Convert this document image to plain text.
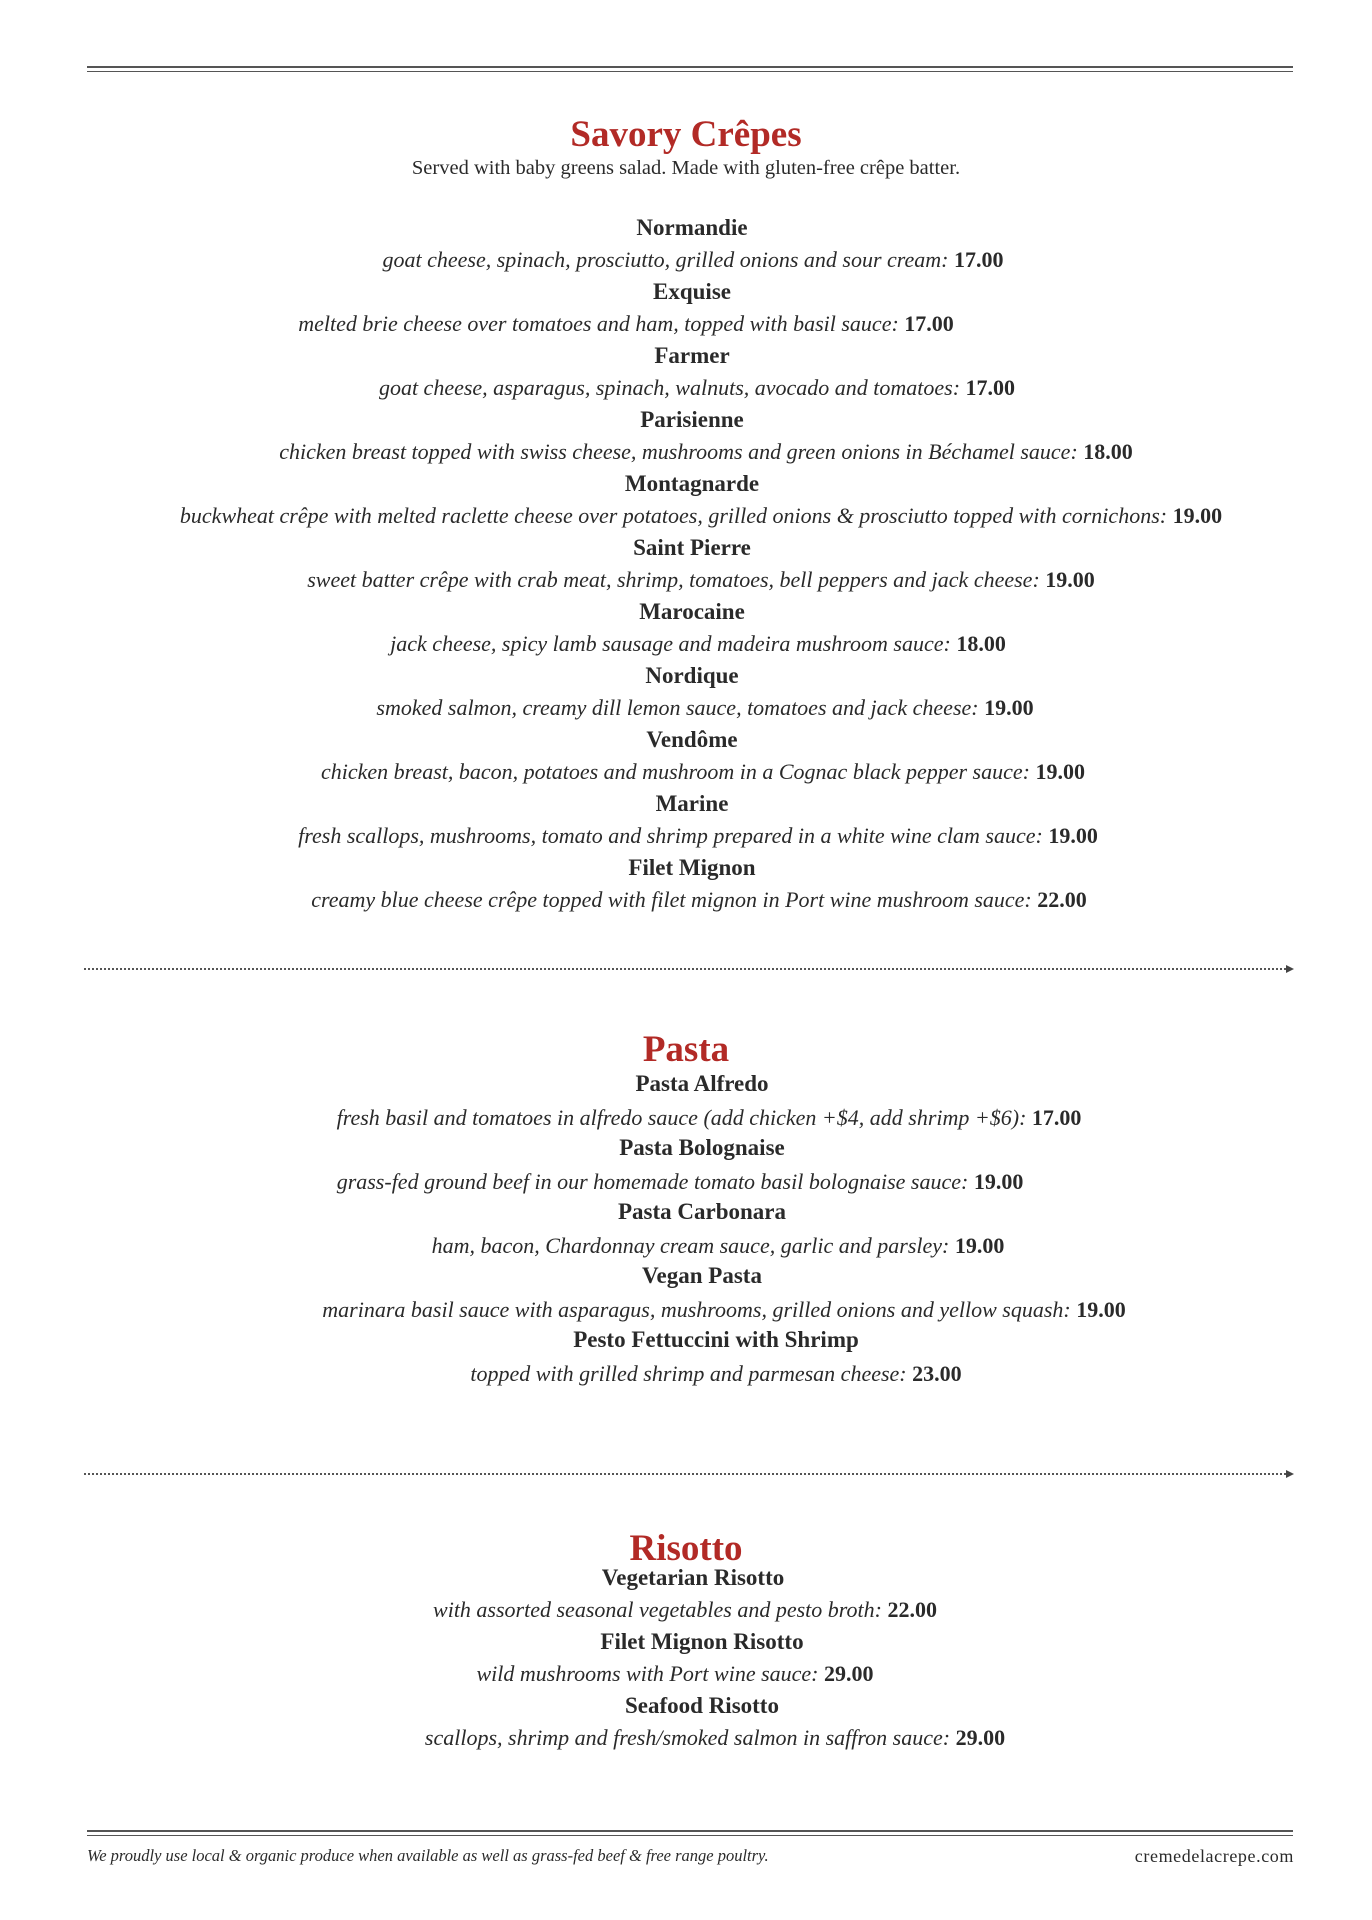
Savory Crêpes
Served with baby greens salad. Made with gluten-free crêpe batter.
Normandie
goat cheese, spinach, prosciutto, grilled onions and sour cream: 17.00
Exquise
melted brie cheese over tomatoes and ham, topped with basil sauce: 17.00
Farmer
goat cheese, asparagus, spinach, walnuts, avocado and tomatoes: 17.00
Parisienne
chicken breast topped with swiss cheese, mushrooms and green onions in Béchamel sauce: 18.00
Montagnarde
buckwheat crêpe with melted raclette cheese over potatoes, grilled onions & prosciutto topped with cornichons: 19.00
Saint Pierre
sweet batter crêpe with crab meat, shrimp, tomatoes, bell peppers and jack cheese: 19.00
Marocaine
jack cheese, spicy lamb sausage and madeira mushroom sauce: 18.00
Nordique
smoked salmon, creamy dill lemon sauce, tomatoes and jack cheese: 19.00
Vendôme
chicken breast, bacon, potatoes and mushroom in a Cognac black pepper sauce: 19.00
Marine
fresh scallops, mushrooms, tomato and shrimp prepared in a white wine clam sauce: 19.00
Filet Mignon
creamy blue cheese crêpe topped with filet mignon in Port wine mushroom sauce: 22.00
Pasta
Pasta Alfredo
fresh basil and tomatoes in alfredo sauce (add chicken +$4, add shrimp +$6): 17.00
Pasta Bolognaise
grass-fed ground beef in our homemade tomato basil bolognaise sauce: 19.00
Pasta Carbonara
ham, bacon, Chardonnay cream sauce, garlic and parsley: 19.00
Vegan Pasta
marinara basil sauce with asparagus, mushrooms, grilled onions and yellow squash: 19.00
Pesto Fettuccini with Shrimp
topped with grilled shrimp and parmesan cheese: 23.00
Risotto
Vegetarian Risotto
with assorted seasonal vegetables and pesto broth: 22.00
Filet Mignon Risotto
wild mushrooms with Port wine sauce: 29.00
Seafood Risotto
scallops, shrimp and fresh/smoked salmon in saffron sauce: 29.00
We proudly use local & organic produce when available as well as grass-fed beef & free range poultry.	cremedelacrepe.com
